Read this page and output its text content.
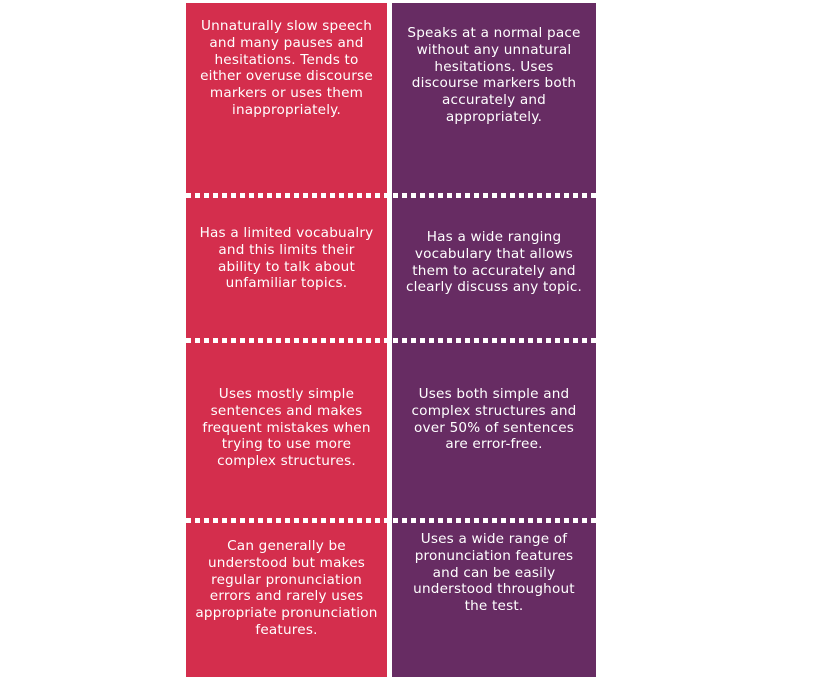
Unnaturally slow speech and many pauses and hesitations. Tends to either overuse discourse markers or uses them inappropriately.
Has a limited vocabualry and this limits their ability to talk about unfamiliar topics.
Uses mostly simple sentences and makes frequent mistakes when trying to use more complex structures.
Can generally be understood but makes regular pronunciation errors and rarely uses appropriate pronunciation features.
Speaks at a normal pace without any unnatural hesitations. Uses discourse markers both accurately and appropriately.
Has a wide ranging vocabulary that allows them to accurately and clearly discuss any topic.
Uses both simple and complex structures and over 50% of sentences are error-free.
Uses a wide range of pronunciation features and can be easily understood throughout the test.
